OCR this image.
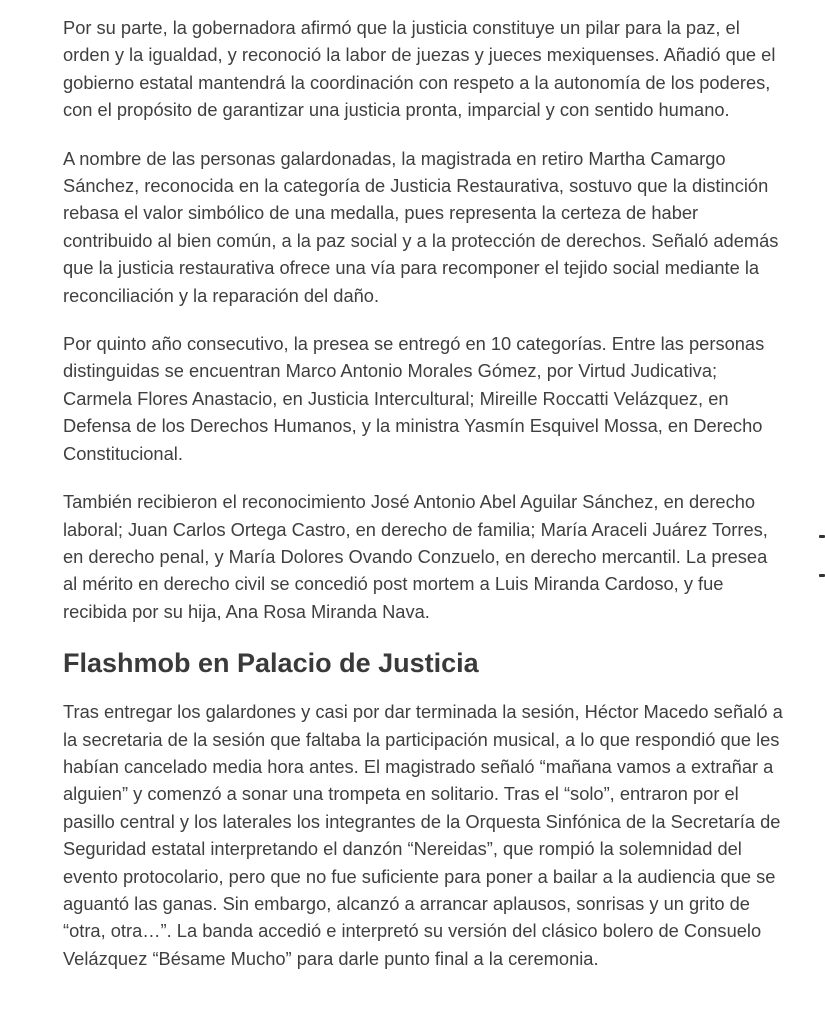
Por su parte, la gobernadora afirmó que la justicia constituye un pilar para la paz, el orden y la igualdad, y reconoció la labor de juezas y jueces mexiquenses. Añadió que el gobierno estatal mantendrá la coordinación con respeto a la autonomía de los poderes, con el propósito de garantizar una justicia pronta, imparcial y con sentido humano.

A nombre de las personas galardonadas, la magistrada en retiro Martha Camargo Sánchez, reconocida en la categoría de Justicia Restaurativa, sostuvo que la distinción rebasa el valor simbólico de una medalla, pues representa la certeza de haber contribuido al bien común, a la paz social y a la protección de derechos. Señaló además que la justicia restaurativa ofrece una vía para recomponer el tejido social mediante la reconciliación y la reparación del daño.

Por quinto año consecutivo, la presea se entregó en 10 categorías. Entre las personas distinguidas se encuentran Marco Antonio Morales Gómez, por Virtud Judicativa; Carmela Flores Anastacio, en Justicia Intercultural; Mireille Roccatti Velázquez, en Defensa de los Derechos Humanos, y la ministra Yasmín Esquivel Mossa, en Derecho Constitucional.

También recibieron el reconocimiento José Antonio Abel Aguilar Sánchez, en derecho laboral; Juan Carlos Ortega Castro, en derecho de familia; María Araceli Juárez Torres, en derecho penal, y María Dolores Ovando Conzuelo, en derecho mercantil. La presea al mérito en derecho civil se concedió post mortem a Luis Miranda Cardoso, y fue recibida por su hija, Ana Rosa Miranda Nava.

Flashmob en Palacio de Justicia

Tras entregar los galardones y casi por dar terminada la sesión, Héctor Macedo señaló a la secretaria de la sesión que faltaba la participación musical, a lo que respondió que les habían cancelado media hora antes. El magistrado señaló “mañana vamos a extrañar a alguien” y comenzó a sonar una trompeta en solitario. Tras el “solo”, entraron por el pasillo central y los laterales los integrantes de la Orquesta Sinfónica de la Secretaría de Seguridad estatal interpretando el danzón “Nereidas”, que rompió la solemnidad del evento protocolario, pero que no fue suficiente para poner a bailar a la audiencia que se aguantó las ganas. Sin embargo, alcanzó a arrancar aplausos, sonrisas y un grito de “otra, otra…”. La banda accedió e interpretó su versión del clásico bolero de Consuelo Velázquez “Bésame Mucho” para darle punto final a la ceremonia.
